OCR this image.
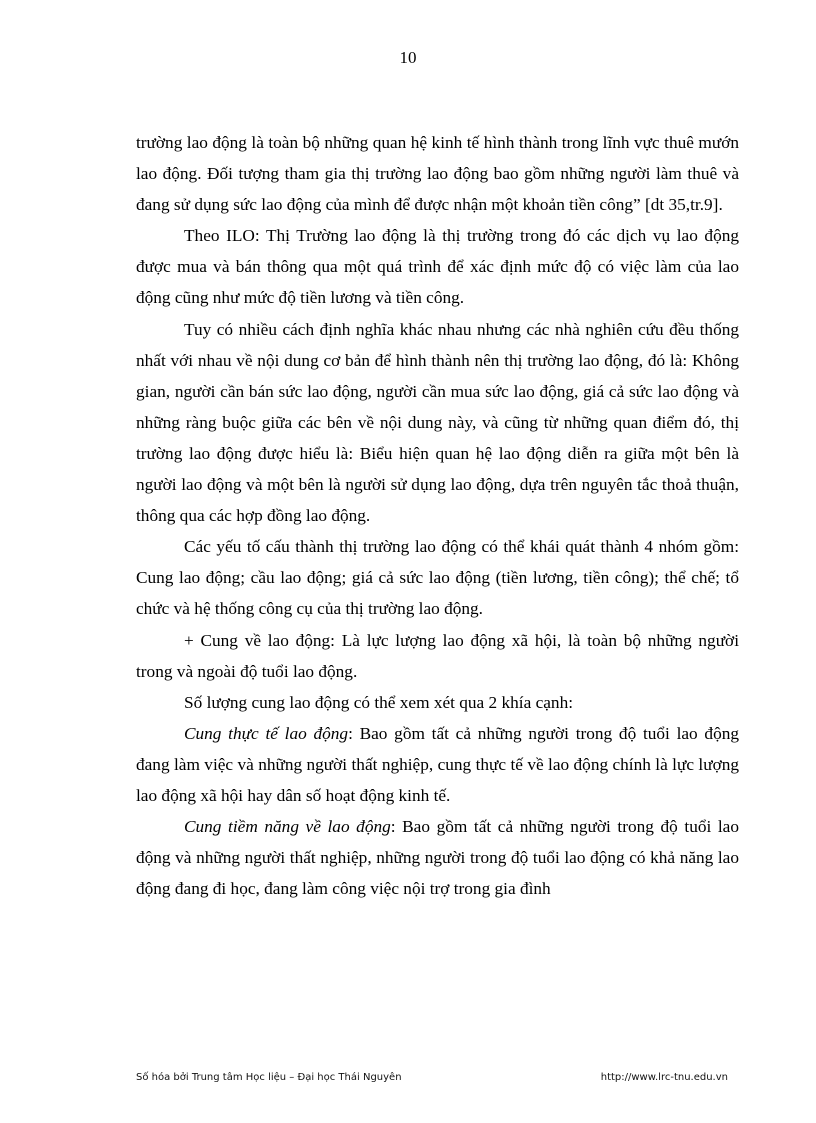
10

trường lao động là toàn bộ những quan hệ kinh tế hình thành trong lĩnh vực thuê mướn lao động. Đối tượng tham gia thị trường lao động bao gồm những người làm thuê và đang sử dụng sức lao động của mình để được nhận một khoản tiền công” [dt 35,tr.9].

Theo ILO: Thị Trường lao động là thị trường trong đó các dịch vụ lao động được mua và bán thông qua một quá trình để xác định mức độ có việc làm của lao động cũng như mức độ tiền lương và tiền công.

Tuy có nhiều cách định nghĩa khác nhau nhưng các nhà nghiên cứu đều thống nhất với nhau về nội dung cơ bản để hình thành nên thị trường lao động, đó là: Không gian, người cần bán sức lao động, người cần mua sức lao động, giá cả sức lao động và những ràng buộc giữa các bên về nội dung này, và cũng từ những quan điểm đó, thị trường lao động được hiểu là: Biểu hiện quan hệ lao động diễn ra giữa một bên là người lao động và một bên là người sử dụng lao động, dựa trên nguyên tắc thoả thuận, thông qua các hợp đồng lao động.

Các yếu tố cấu thành thị trường lao động có thể khái quát thành 4 nhóm gồm: Cung lao động; cầu lao động; giá cả sức lao động (tiền lương, tiền công); thể chế; tổ chức và hệ thống công cụ của thị trường lao động.

+ Cung về lao động: Là lực lượng lao động xã hội, là toàn bộ những người trong và ngoài độ tuổi lao động.

Số lượng cung lao động có thể xem xét qua 2 khía cạnh:

Cung thực tế lao động: Bao gồm tất cả những người trong độ tuổi lao động đang làm việc và những người thất nghiệp, cung thực tế về lao động chính là lực lượng lao động xã hội hay dân số hoạt động kinh tế.

Cung tiềm năng về lao động: Bao gồm tất cả những người trong độ tuổi lao động và những người thất nghiệp, những người trong độ tuổi lao động có khả năng lao động đang đi học, đang làm công việc nội trợ trong gia đình

Số hóa bởi Trung tâm Học liệu – Đại học Thái Nguyên	http://www.lrc-tnu.edu.vn
